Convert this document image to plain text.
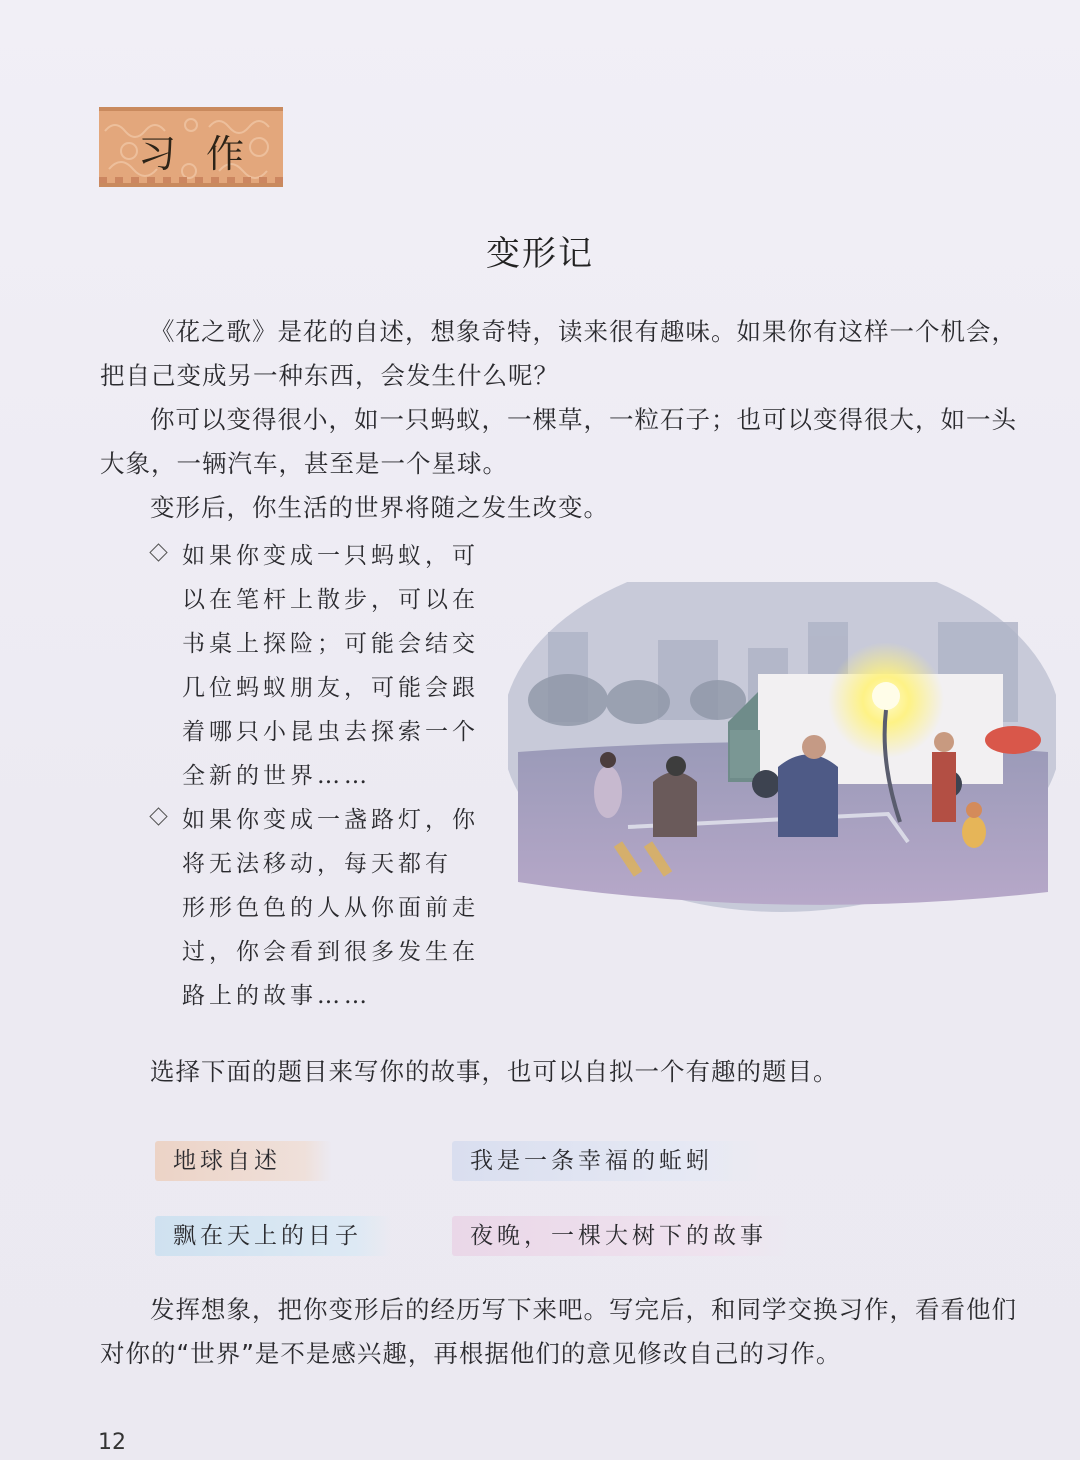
习作
变形记
《花之歌》是花的自述，想象奇特，读来很有趣味。如果你有这样一个机会，把自己变成另一种东西，会发生什么呢？
你可以变得很小，如一只蚂蚁，一棵草，一粒石子；也可以变得很大，如一头大象，一辆汽车，甚至是一个星球。
变形后，你生活的世界将随之发生改变。
如果你变成一只蚂蚁，可
以在笔杆上散步，可以在
书桌上探险；可能会结交
几位蚂蚁朋友，可能会跟
着哪只小昆虫去探索一个
全新的世界……
如果你变成一盏路灯，你
将无法移动，每天都有
形形色色的人从你面前走
过，你会看到很多发生在
路上的故事……
选择下面的题目来写你的故事，也可以自拟一个有趣的题目。
地球自述	我是一条幸福的蚯蚓
飘在天上的日子	夜晚，一棵大树下的故事
发挥想象，把你变形后的经历写下来吧。写完后，和同学交换习作，看看他们对你的“世界”是不是感兴趣，再根据他们的意见修改自己的习作。
12
